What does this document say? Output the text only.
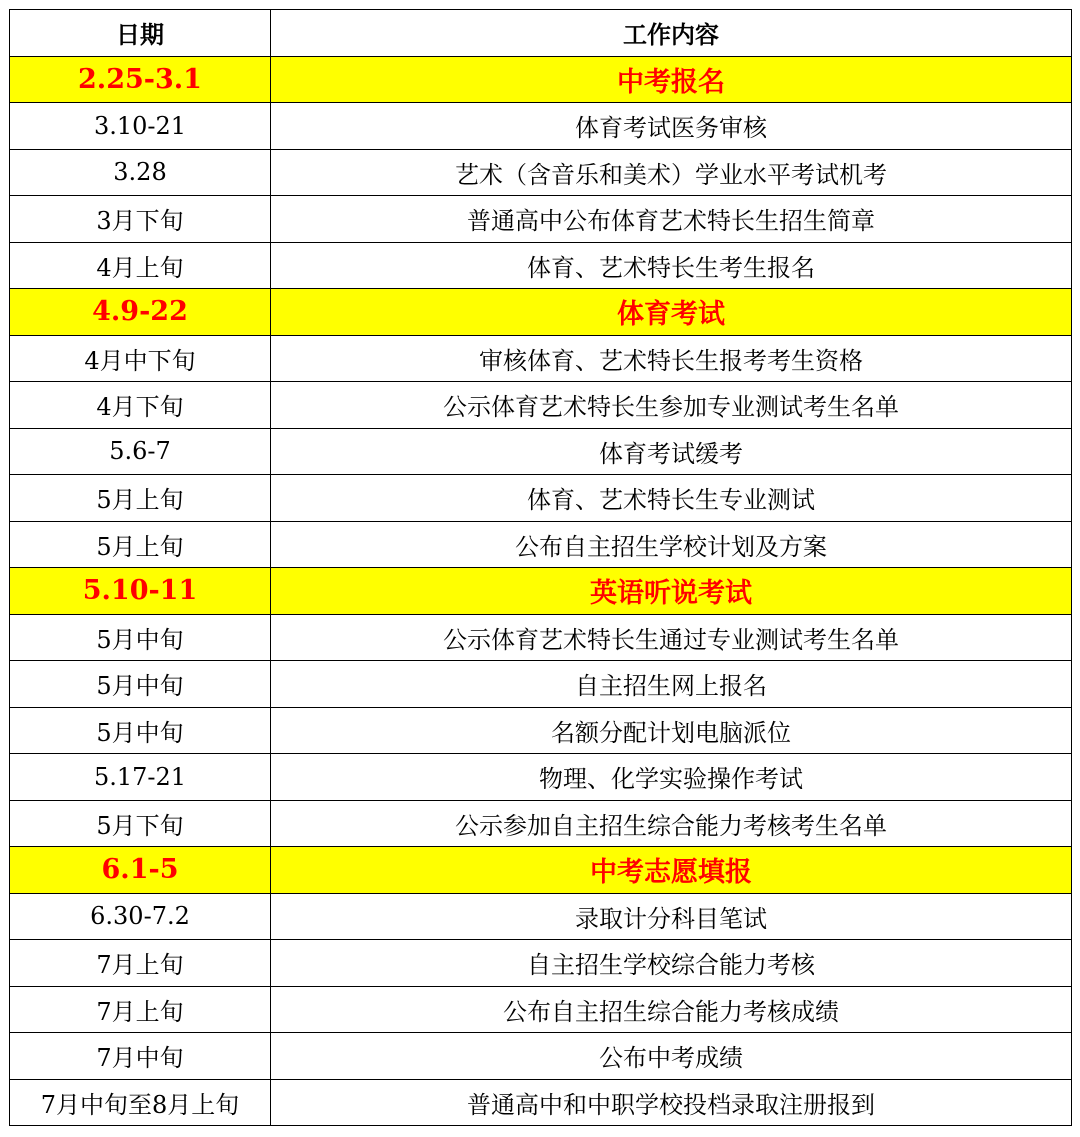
日期	工作内容
2.25-3.1	中考报名
3.10-21	体育考试医务审核
3.28	艺术（含音乐和美术）学业水平考试机考
3月下旬	普通高中公布体育艺术特长生招生简章
4月上旬	体育、艺术特长生考生报名
4.9-22	体育考试
4月中下旬	审核体育、艺术特长生报考考生资格
4月下旬	公示体育艺术特长生参加专业测试考生名单
5.6-7	体育考试缓考
5月上旬	体育、艺术特长生专业测试
5月上旬	公布自主招生学校计划及方案
5.10-11	英语听说考试
5月中旬	公示体育艺术特长生通过专业测试考生名单
5月中旬	自主招生网上报名
5月中旬	名额分配计划电脑派位
5.17-21	物理、化学实验操作考试
5月下旬	公示参加自主招生综合能力考核考生名单
6.1-5	中考志愿填报
6.30-7.2	录取计分科目笔试
7月上旬	自主招生学校综合能力考核
7月上旬	公布自主招生综合能力考核成绩
7月中旬	公布中考成绩
7月中旬至8月上旬	普通高中和中职学校投档录取注册报到
